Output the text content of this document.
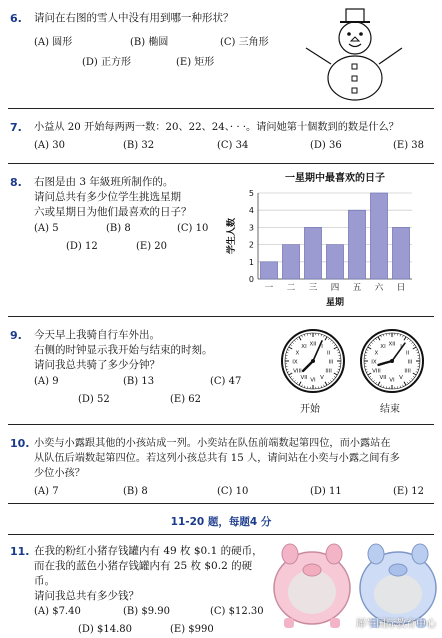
6. 请问在右图的雪人中没有用到哪一种形状？
(A) 圆形	(B) 椭圆	(C) 三角形
(D) 正方形	(E) 矩形
7. 小益从 20 开始每两两一数：20、22、24、· · ·。请问她第十個数到的数是什么？
(A) 30	(B) 32	(C) 34	(D) 36	(E) 38
8. 右图是由 3 年級班所制作的。
请问总共有多少位学生挑选星期
六或星期日为他们最喜欢的日子？
(A) 5	(B) 8	(C) 10
(D) 12	(E) 20
一星期中最喜欢的日子
0
1
2
3
4
5
一 二 三 四 五 六 日
星期
学生人数
9. 今天早上我骑自行车外出。
右侧的时钟显示我开始与结束的时刻。
请问我总共骑了多少分钟？
(A) 9	(B) 13	(C) 47
(D) 52	(E) 62
XII I
II
III
IIII
V
VI
VII
VIII
IX
X
XI	XII I
II
III
IIII
V
VI
VII
VIII
IX
X
XI
开始	结束
10. 小奕与小露跟其他的小孩站成一列。小奕站在队伍前端数起第四位，而小露站在
从队伍后端数起第四位。若这列小孩总共有 15 人，请问站在小奕与小露之间有多
少位小孩？
(A) 7	(B) 8	(C) 10	(D) 11	(E) 12
11-20 题，每题4 分
11. 在我的粉红小猪存钱罐内有 49 枚 $0.1 的硬币，
而在我的蓝色小猪存钱罐内有 25 枚 $0.2 的硬
币。
请问我总共有多少钱？
(A) $7.40	(B) $9.90	(C) $12.30
(D) $14.80	(E) $990	犀牛国际教育中心
